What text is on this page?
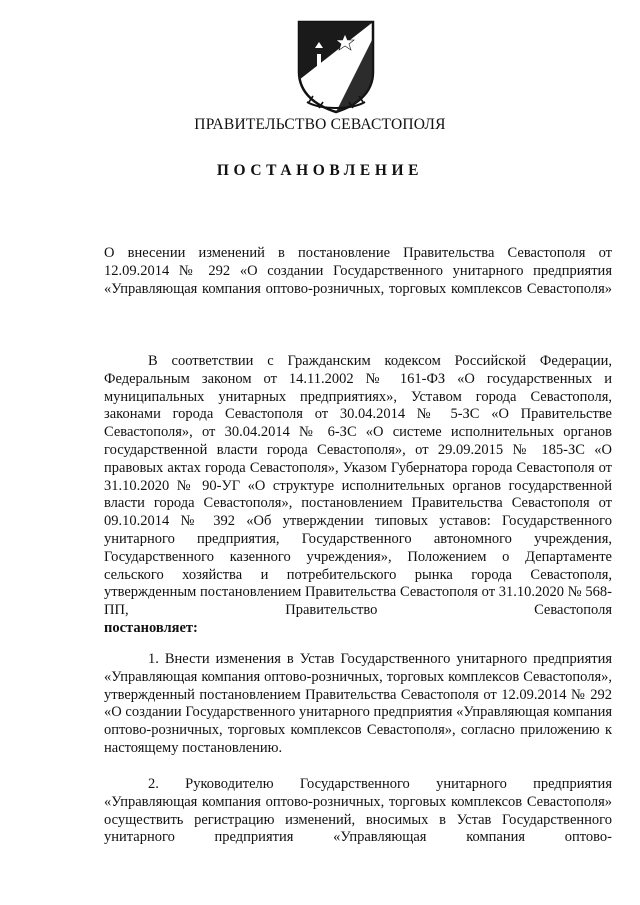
ПРАВИТЕЛЬСТВО СЕВАСТОПОЛЯ
ПОСТАНОВЛЕНИЕ
О внесении изменений в постановление Правительства Севастополя от 12.09.2014 № 292 «О создании Государственного унитарного предприятия «Управляющая компания оптово-розничных, торговых комплексов Севастополя»
В соответствии с Гражданским кодексом Российской Федерации, Федеральным законом от 14.11.2002 № 161-ФЗ «О государственных и муниципальных унитарных предприятиях», Уставом города Севастополя, законами города Севастополя от 30.04.2014 № 5-ЗС «О Правительстве Севастополя», от 30.04.2014 № 6-ЗС «О системе исполнительных органов государственной власти города Севастополя», от 29.09.2015 № 185-ЗС «О правовых актах города Севастополя», Указом Губернатора города Севастополя от 31.10.2020 № 90-УГ «О структуре исполнительных органов государственной власти города Севастополя», постановлением Правительства Севастополя от 09.10.2014 № 392 «Об утверждении типовых уставов: Государственного унитарного предприятия, Государственного автономного учреждения, Государственного казенного учреждения», Положением о Департаменте сельского хозяйства и потребительского рынка города Севастополя, утвержденным постановлением Правительства Севастополя от 31.10.2020 № 568-ПП, Правительство Севастополя
постановляет:
1. Внести изменения в Устав Государственного унитарного предприятия «Управляющая компания оптово-розничных, торговых комплексов Севастополя», утвержденный постановлением Правительства Севастополя от 12.09.2014 № 292 «О создании Государственного унитарного предприятия «Управляющая компания оптово-розничных, торговых комплексов Севастополя», согласно приложению к настоящему постановлению.
2. Руководителю Государственного унитарного предприятия «Управляющая компания оптово-розничных, торговых комплексов Севастополя» осуществить регистрацию изменений, вносимых в Устав Государственного унитарного предприятия «Управляющая компания оптово-
